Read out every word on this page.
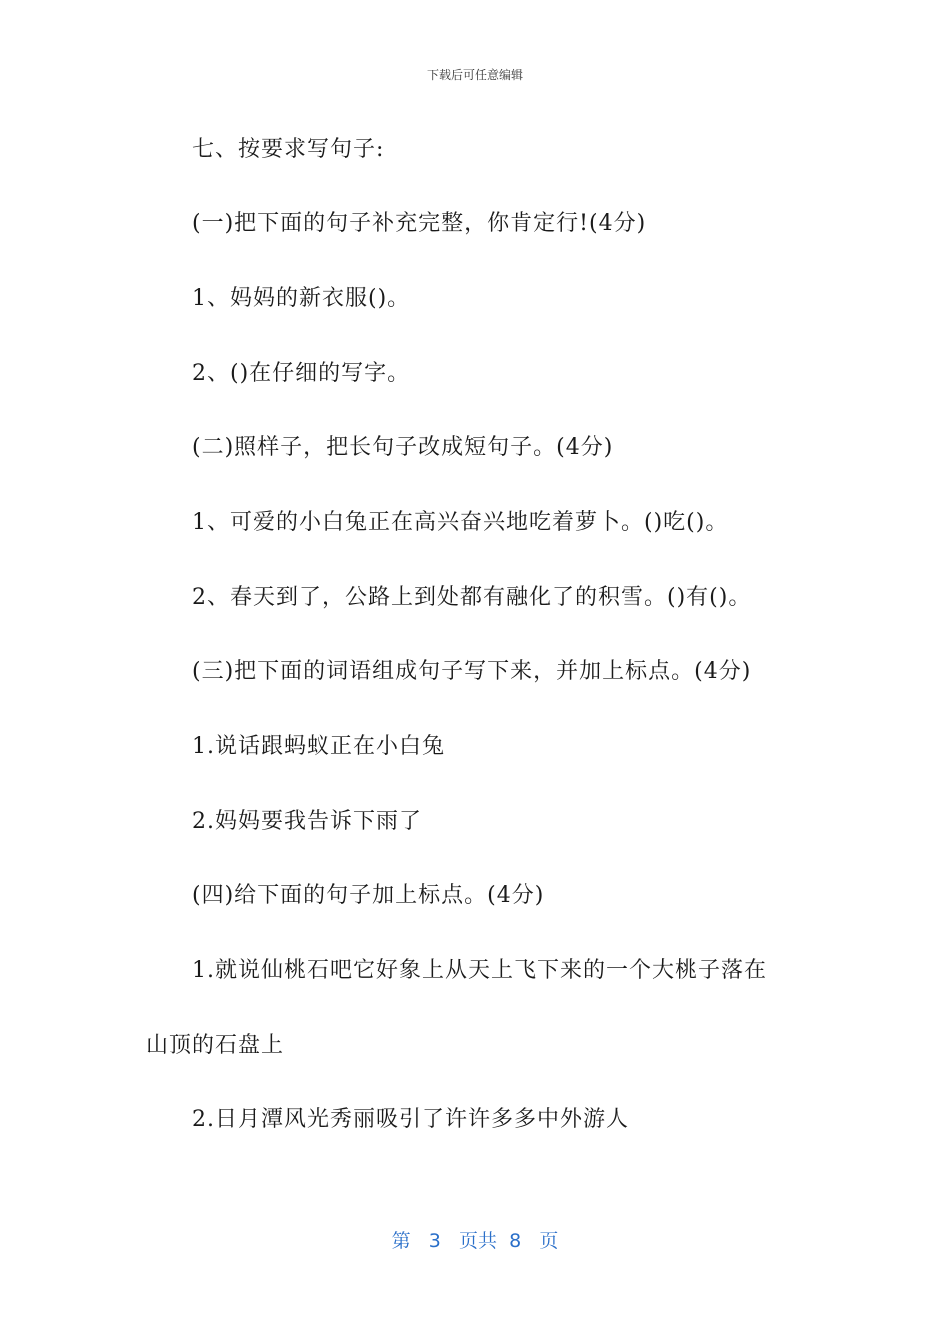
下载后可任意编辑
七、按要求写句子:
(一)把下面的句子补充完整，你肯定行!(4分)
1、妈妈的新衣服()。
2、()在仔细的写字。
(二)照样子，把长句子改成短句子。(4分)
1、可爱的小白兔正在高兴奋兴地吃着萝卜。()吃()。
2、春天到了，公路上到处都有融化了的积雪。()有()。
(三)把下面的词语组成句子写下来，并加上标点。(4分)
1.说话跟蚂蚁正在小白兔
2.妈妈要我告诉下雨了
(四)给下面的句子加上标点。(4分)
1.就说仙桃石吧它好象上从天上飞下来的一个大桃子落在
山顶的石盘上
2.日月潭风光秀丽吸引了许许多多中外游人
第 3 页共 8 页
